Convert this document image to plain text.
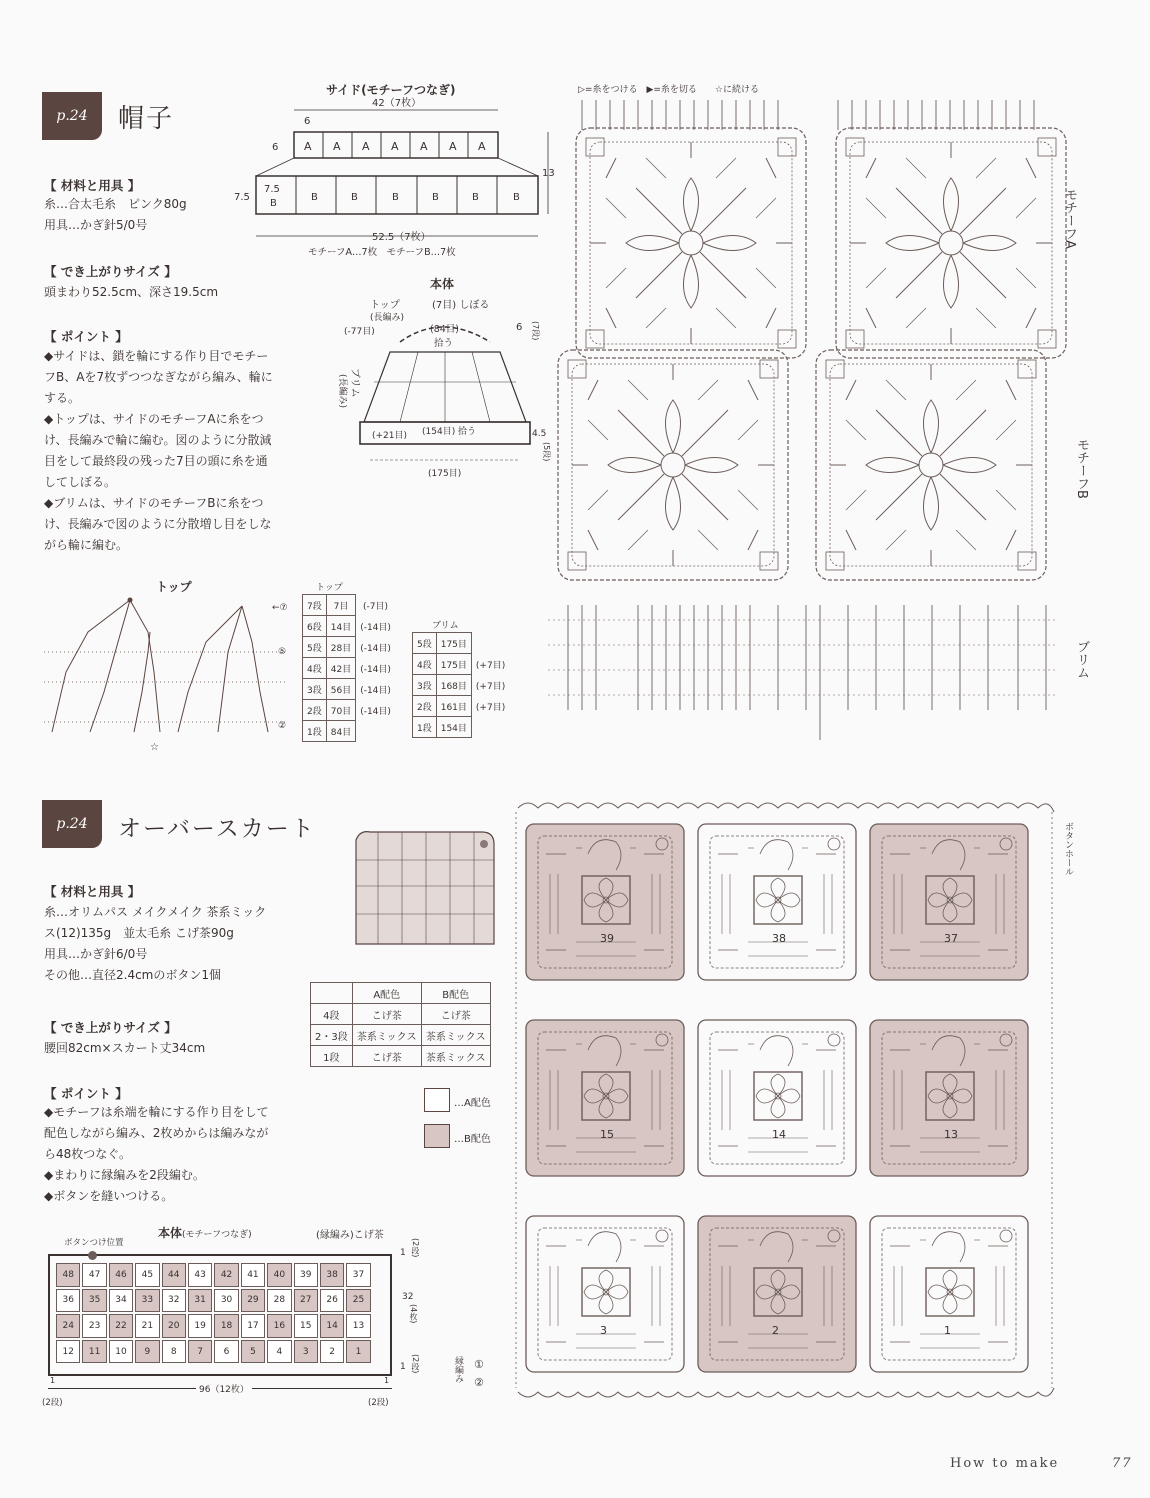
p.24 帽子
【 材料と用具 】
糸…合太毛糸　ピンク80g
用具…かぎ針5/0号
【 でき上がりサイズ 】
頭まわり52.5cm、深さ19.5cm
【 ポイント 】
◆サイドは、鎖を輪にする作り目でモチー
フB、Aを7枚ずつつなぎながら編み、輪に
する。
◆トップは、サイドのモチーフAに糸をつ
け、長編みで輪に編む。図のように分散減
目をして最終段の残った7目の頭に糸を通
してしぼる。
◆ブリムは、サイドのモチーフBに糸をつ
け、長編みで図のように分散増し目をしな
がら輪に編む。
サイド(モチーフつなぎ)
42（7枚）
6
6 A A A A A A A
7.5
7.5
B
B	B	B	B	B	B
13
52.5（7枚）
モチーフA…7枚　モチーフB…7枚
本体
トップ
(長編み)
(-77目)
(7目) しぼる
(84目)
拾う
6 (7段)
ブリム
(長編み)
(+21目) (154目) 拾う	4.5
(5段)
(175目)
トップ
←⑦
⑤
②
☆
トップ
7段	7目	(-7目)
6段	14目	(-14目)
5段	28目	(-14目)
4段	42目	(-14目)
3段	56目	(-14目)
2段	70目	(-14目)
1段	84目	
ブリム
5段	175目	
4段	175目	(+7目)
3段	168目	(+7目)
2段	161目	(+7目)
1段	154目	
▷=糸をつける　▶=糸を切る　　☆に続ける
モチーフA
モチーフB
ブリム
p.24 オーバースカート
【 材料と用具 】
糸…オリムパス メイクメイク 茶系ミック
ス(12)135g　並太毛糸 こげ茶90g
用具…かぎ針6/0号
その他…直径2.4cmのボタン1個
【 でき上がりサイズ 】
腰回82cm×スカート丈34cm
【 ポイント 】
◆モチーフは糸端を輪にする作り目をして
配色しながら編み、2枚めからは編みなが
ら48枚つなぐ。
◆まわりに縁編みを2段編む。
◆ボタンを縫いつける。
	A配色	B配色
4段	こげ茶	こげ茶
2・3段	茶系ミックス	茶系ミックス
1段	こげ茶	茶系ミックス
…A配色
…B配色
本体(モチーフつなぎ)	(縁編み)こげ茶
ボタンつけ位置
48	47	46	45	44	43	42	41	40	39	38	37
36	35	34	33	32	31	30	29	28	27	26	25
24	23	22	21	20	19	18	17	16	15	14	13
12	11	10	9	8	7	6	5	4	3	2	1
1 (2段)
32
(4枚)
1 (2段)
96（12枚）
1
(2段)
1
(2段)
39	38	37
15	14	13
3	2	1
ボタンホール
縁編み ①
②
How to make	77
